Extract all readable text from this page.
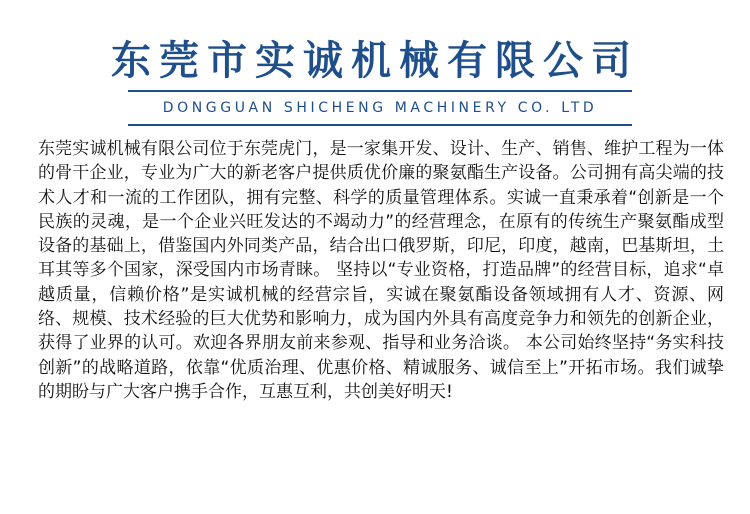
东莞市实诚机械有限公司
DONGGUAN SHICHENG MACHINERY CO. LTD

东莞实诚机械有限公司位于东莞虎门，是一家集开发、设计、生产、销售、维护工程为一体的骨干企业，专业为广大的新老客户提供质优价廉的聚氨酯生产设备。公司拥有高尖端的技术人才和一流的工作团队，拥有完整、科学的质量管理体系。实诚一直秉承着“创新是一个民族的灵魂，是一个企业兴旺发达的不竭动力”的经营理念，在原有的传统生产聚氨酯成型设备的基础上，借鉴国内外同类产品，结合出口俄罗斯，印尼，印度，越南，巴基斯坦，土耳其等多个国家，深受国内市场青睐。 坚持以“专业资格，打造品牌”的经营目标，追求“卓越质量，信赖价格”是实诚机械的经营宗旨，实诚在聚氨酯设备领域拥有人才、资源、网络、规模、技术经验的巨大优势和影响力，成为国内外具有高度竞争力和领先的创新企业，获得了业界的认可。欢迎各界朋友前来参观、指导和业务洽谈。 本公司始终坚持“务实科技创新”的战略道路，依靠“优质治理、优惠价格、精诚服务、诚信至上”开拓市场。我们诚挚的期盼与广大客户携手合作，互惠互利，共创美好明天!
